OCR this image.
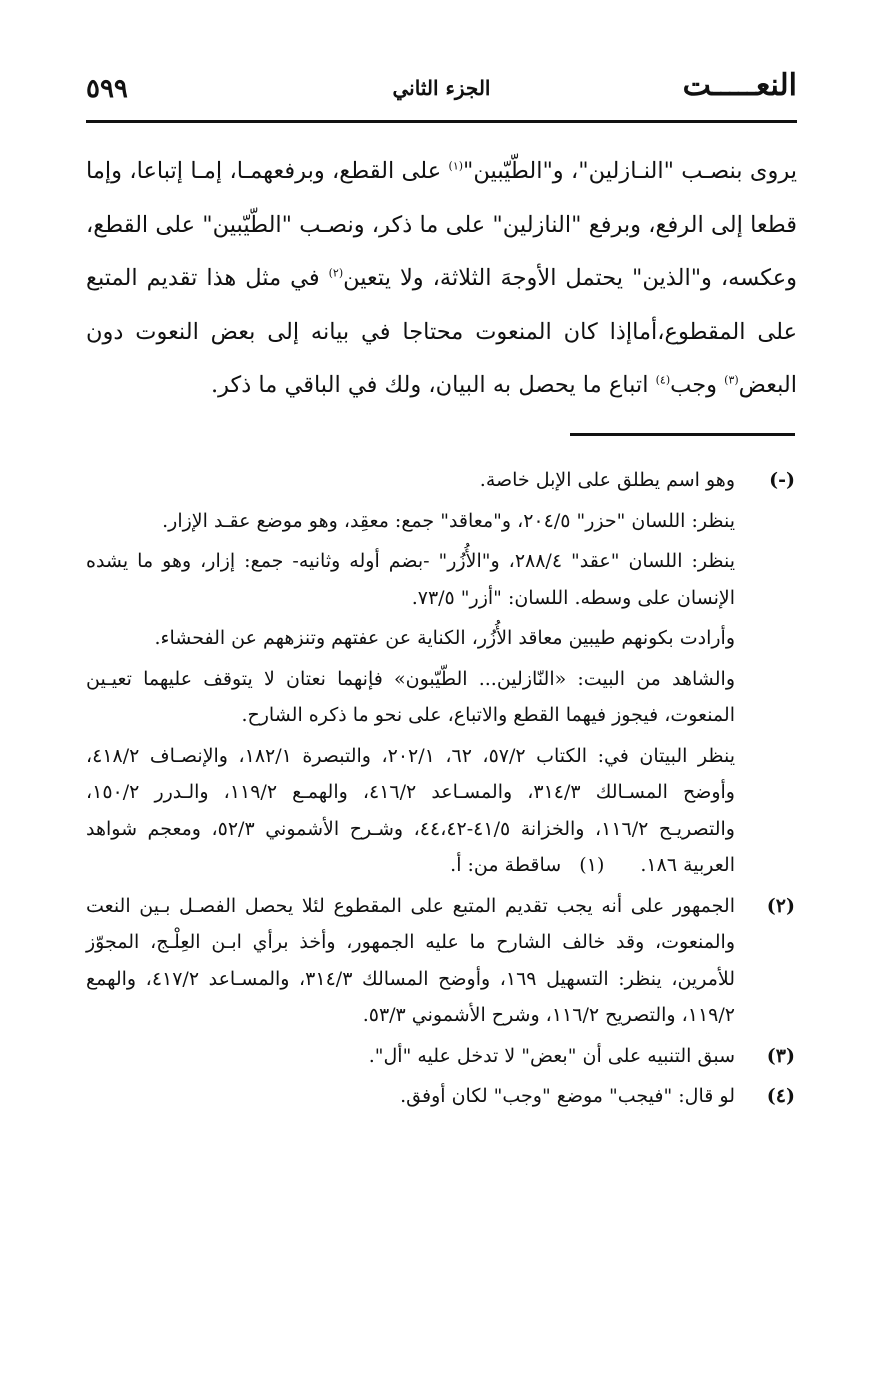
النعـــــت
الجزء الثاني
٥٩٩

يروى بنصـب "النـازلين"، و"الطّيّبين"$^{(١)}$ على القطع، وبرفعهمـا، إمـا إتباعا، وإما قطعا إلى الرفع، وبرفع "النازلين" على ما ذكر، ونصـب "الطّيّبين" على القطع، وعكسه، و"الذين" يحتمل الأوجهَ الثلاثة، ولا يتعين$^{(٢)}$ في مثل هذا تقديم المتبع على المقطوع،أماإذا كان المنعوت محتاجا في بيانه إلى بعض النعوت دون البعض$^{(٣)}$ وجب$^{(٤)}$ اتباع ما يحصل به البيان، ولك في الباقي ما ذكر.

(-)

وهو اسم يطلق على الإبل خاصة.

ينظر: اللسان "حزر" ٢٠٤/٥، و"معاقد" جمع: معقِد، وهو موضع عقـد الإزار.

ينظر: اللسان "عقد" ٢٨٨/٤، و"الأُزُر" -بضم أوله وثانيه- جمع: إزار، وهو ما يشده الإنسان على وسطه. اللسان: "أزر" ٧٣/٥.

وأرادت بكونهم طيبين معاقد الأُزُر، الكناية عن عفتهم وتنزههم عن الفحشاء.

والشاهد من البيت: «النّازلين... الطّيّبون» فإنهما نعتان لا يتوقف عليهما تعيـين المنعوت، فيجوز فيهما القطع والاتباع، على نحو ما ذكره الشارح.

ينظر البيتان في: الكتاب ٥٧/٢، ٦٢، ٢٠٢/١، والتبصرة ١٨٢/١، والإنصـاف ٤١٨/٢، وأوضح المسـالك ٣١٤/٣، والمسـاعد ٤١٦/٢، والهمـع ١١٩/٢، والـدرر ١٥٠/٢، والتصريـح ١١٦/٢، والخزانة ٤١/٥-٤٤،٤٢، وشـرح الأشموني ٥٢/٣، ومعجم شواهد العربية ١٨٦.(١)   ساقطة من: أ.

(٢)

الجمهور على أنه يجب تقديم المتبع على المقطوع لئلا يحصل الفصـل بـين النعت والمنعوت، وقد خالف الشارح ما عليه الجمهور، وأخذ برأي ابـن العِلْـج، المجوّز للأمرين، ينظر: التسهيل ١٦٩، وأوضح المسالك ٣١٤/٣، والمسـاعد ٤١٧/٢، والهمع ١١٩/٢، والتصريح ١١٦/٢، وشرح الأشموني ٥٣/٣.

(٣)

سبق التنبيه على أن "بعض" لا تدخل عليه "أل".

(٤)

لو قال: "فيجب" موضع "وجب" لكان أوفق.
